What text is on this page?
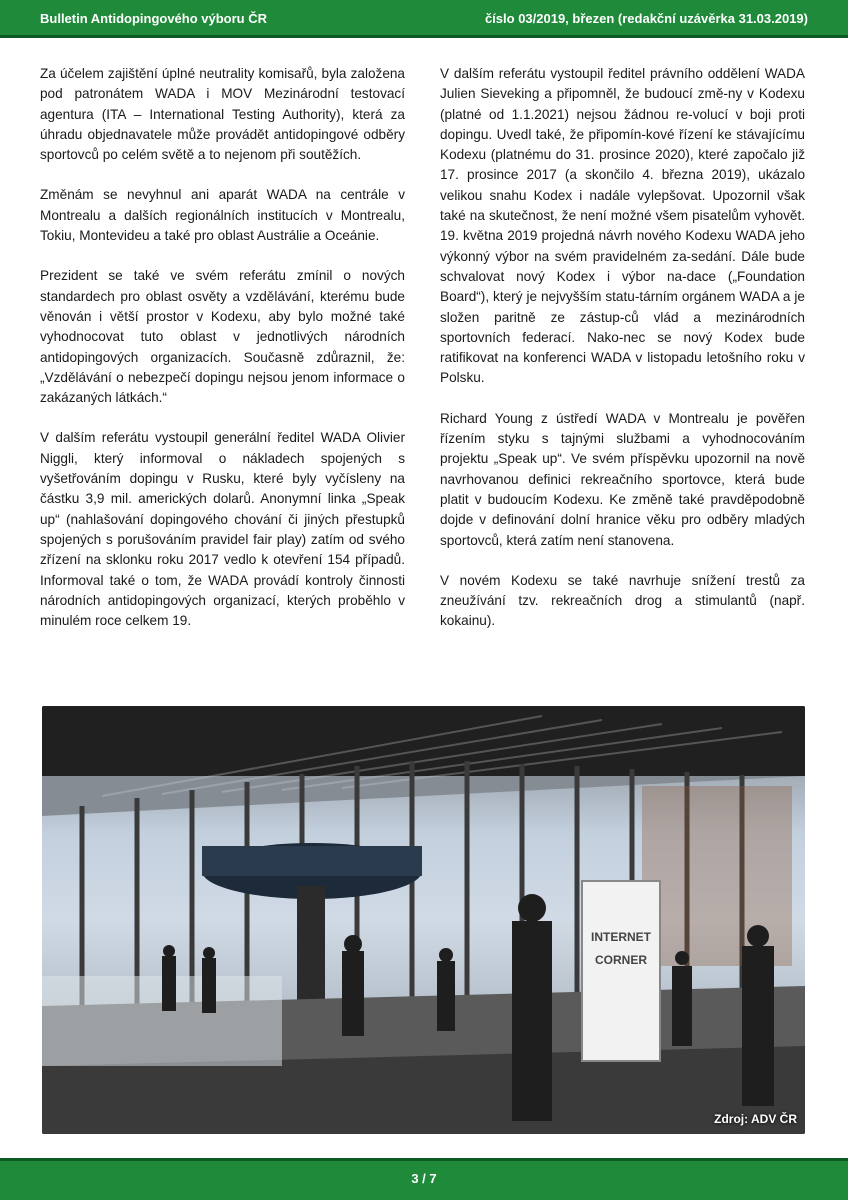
Bulletin Antidopingového výboru ČR	číslo 03/2019, březen (redakční uzávěrka 31.03.2019)

Za účelem zajištění úplné neutrality komisařů, byla založena pod patronátem WADA i MOV Mezinárodní testovací agentura (ITA – International Testing Authority), která za úhradu objednavatele může provádět antidopingové odběry sportovců po celém světě a to nejenom při soutěžích.

Změnám se nevyhnul ani aparát WADA na centrále v Montrealu a dalších regionálních institucích v Montrealu, Tokiu, Montevideu a také pro oblast Austrálie a Oceánie.

Prezident se také ve svém referátu zmínil o nových standardech pro oblast osvěty a vzdělávání, kterému bude věnován i větší prostor v Kodexu, aby bylo možné také vyhodnocovat tuto oblast v jednotlivých národních antidopingových organizacích. Současně zdůraznil, že: „Vzdělávání o nebezpečí dopingu nejsou jenom informace o zakázaných látkách.“

V dalším referátu vystoupil generální ředitel WADA Olivier Niggli, který informoval o nákladech spojených s vyšetřováním dopingu v Rusku, které byly vyčísleny na částku 3,9 mil. amerických dolarů. Anonymní linka „Speak up“ (nahlašování dopingového chování či jiných přestupků spojených s porušováním pravidel fair play) zatím od svého zřízení na sklonku roku 2017 vedlo k otevření 154 případů. Informoval také o tom, že WADA provádí kontroly činnosti národních antidopingových organizací, kterých proběhlo v minulém roce celkem 19.

V dalším referátu vystoupil ředitel právního oddělení WADA Julien Sieveking a připomněl, že budoucí změ-ny v Kodexu (platné od 1.1.2021) nejsou žádnou re-volucí v boji proti dopingu. Uvedl také, že připomín-kové řízení ke stávajícímu Kodexu (platnému do 31. prosince 2020), které započalo již 17. prosince 2017 (a skončilo 4. března 2019), ukázalo velikou snahu Kodex i nadále vylepšovat. Upozornil však také na skutečnost, že není možné všem pisatelům vyhovět. 19. května 2019 projedná návrh nového Kodexu WADA jeho výkonný výbor na svém pravidelném za-sedání. Dále bude schvalovat nový Kodex i výbor na-dace („Foundation Board“), který je nejvyšším statu-tárním orgánem WADA a je složen paritně ze zástup-ců vlád a mezinárodních sportovních federací. Nako-nec se nový Kodex bude ratifikovat na konferenci WADA v listopadu letošního roku v Polsku.

Richard Young z ústředí WADA v Montrealu je pověřen řízením styku s tajnými službami a vyhodnocováním projektu „Speak up“. Ve svém příspěvku upozornil na nově navrhovanou definici rekreačního sportovce, která bude platit v budoucím Kodexu. Ke změně také pravděpodobně dojde v definování dolní hranice věku pro odběry mladých sportovců, která zatím není stanovena.

V novém Kodexu se také navrhuje snížení trestů za zneužívání tzv. rekreačních drog a stimulantů (např. kokainu).

INTERNET
CORNER
Zdroj: ADV ČR
3 / 7
